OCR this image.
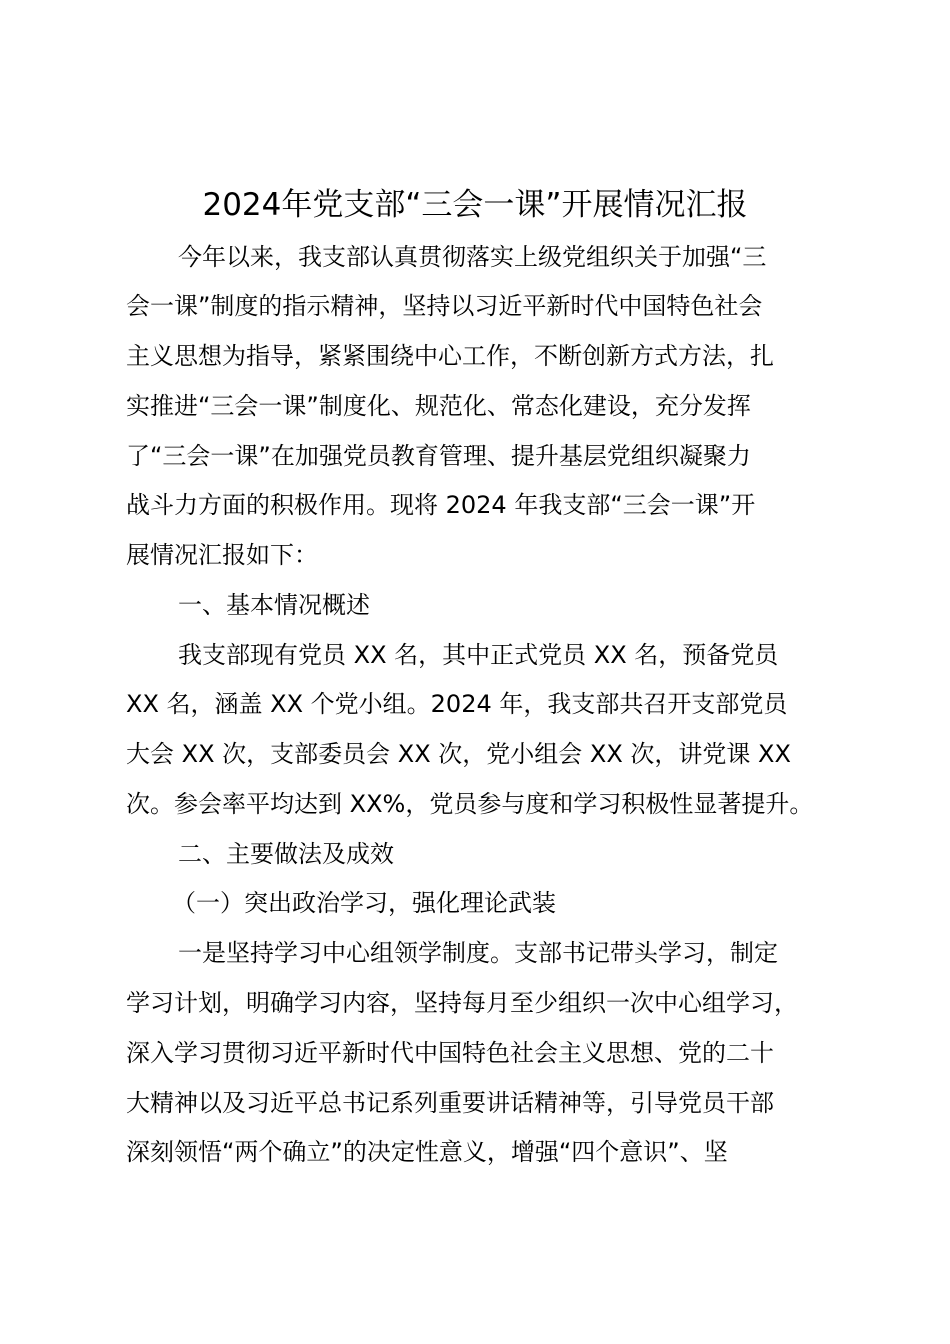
2024年党支部“三会一课”开展情况汇报
今年以来，我支部认真贯彻落实上级党组织关于加强“三
会一课”制度的指示精神，坚持以习近平新时代中国特色社会
主义思想为指导，紧紧围绕中心工作，不断创新方式方法，扎
实推进“三会一课”制度化、规范化、常态化建设，充分发挥
了“三会一课”在加强党员教育管理、提升基层党组织凝聚力
战斗力方面的积极作用。现将 2024 年我支部“三会一课”开
展情况汇报如下：
一、基本情况概述
我支部现有党员 XX 名，其中正式党员 XX 名，预备党员
XX 名，涵盖 XX 个党小组。2024 年，我支部共召开支部党员
大会 XX 次，支部委员会 XX 次，党小组会 XX 次，讲党课 XX
次。参会率平均达到 XX%，党员参与度和学习积极性显著提升。
二、主要做法及成效
（一）突出政治学习，强化理论武装
一是坚持学习中心组领学制度。支部书记带头学习，制定
学习计划，明确学习内容，坚持每月至少组织一次中心组学习，
深入学习贯彻习近平新时代中国特色社会主义思想、党的二十
大精神以及习近平总书记系列重要讲话精神等，引导党员干部
深刻领悟“两个确立”的决定性意义，增强“四个意识”、坚
